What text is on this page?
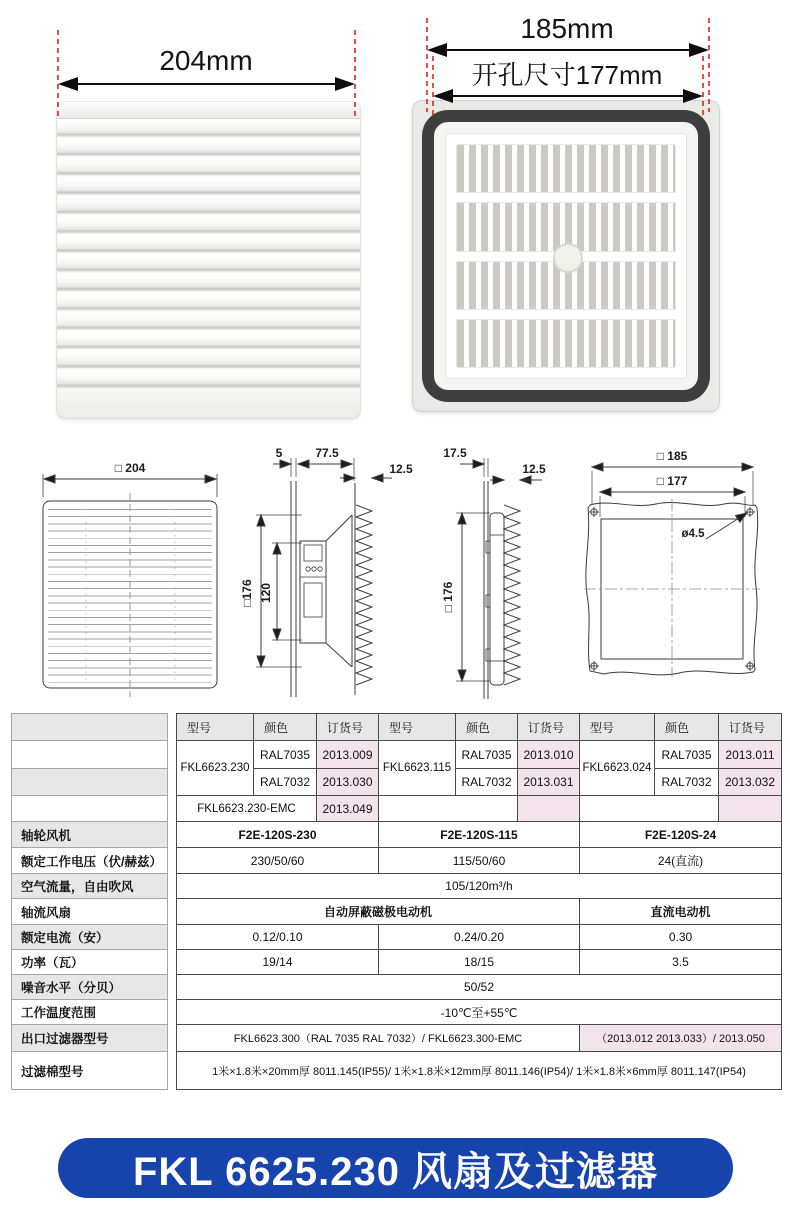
204mm
185mm
开孔尺寸177mm
□ 204
5	77.5
12.5
□176 120
17.5
12.5
□ 176
□ 185
□ 177
ø4.5
		型号	颜色	订货号	型号	颜色	订货号	型号	颜色	订货号
		FKL6623.230	RAL7035	2013.009	FKL6623.115	RAL7035	2013.010	FKL6623.024	RAL7035	2013.011
			RAL7032	2013.030		RAL7032	2013.031		RAL7032	2013.032
		FKL6623.230-EMC		2013.049						
轴轮风机		F2E-120S-230			F2E-120S-115			F2E-120S-24		
额定工作电压（伏/赫兹）		230/50/60			115/50/60			24(直流)		
空气流量，自由吹风		105/120m³/h								
轴流风扇		自动屏蔽磁极电动机						直流电动机		
额定电流（安）		0.12/0.10			0.24/0.20			0.30		
功率（瓦）		19/14			18/15			3.5		
噪音水平（分贝）		50/52								
工作温度范围		-10℃至+55℃								
出口过滤器型号		FKL6623.300（RAL 7035 RAL 7032）/ FKL6623.300-EMC						（2013.012 2013.033）/ 2013.050		
过滤棉型号		1米×1.8米×20mm厚 8011.145(IP55)/ 1米×1.8米×12mm厚 8011.146(IP54)/ 1米×1.8米×6mm厚 8011.147(IP54)								
FKL 6625.230 风扇及过滤器
